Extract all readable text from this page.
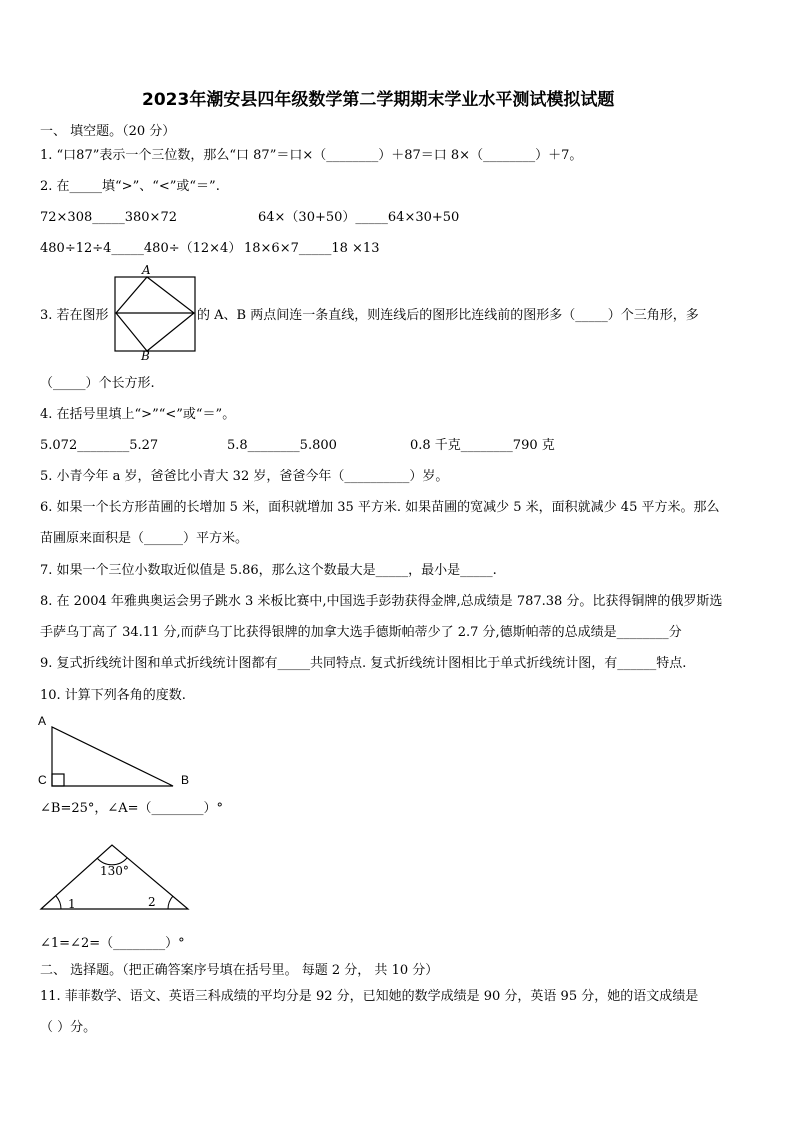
2023年潮安县四年级数学第二学期期末学业水平测试模拟试题
一、 填空题。（20 分）
1. “口87”表示一个三位数，那么“口 87”＝口×（________）＋87＝口 8×（________）＋7。
2. 在_____填“>”、“<”或“＝”.
72×308_____380×72	64×（30+50）_____64×30+50
480÷12÷4_____480÷（12×4） 18×6×7_____18 ×13
A
B
3. 若在图形	的 A、B 两点间连一条直线，则连线后的图形比连线前的图形多（_____）个三角形，多
（_____）个长方形.
4. 在括号里填上“>”“<”或“＝”。
5.072________5.27	5.8________5.800	0.8 千克________790 克
5. 小青今年 a 岁，爸爸比小青大 32 岁，爸爸今年（__________）岁。
6. 如果一个长方形苗圃的长增加 5 米，面积就增加 35 平方米. 如果苗圃的宽减少 5 米，面积就减少 45 平方米。那么
苗圃原来面积是（______）平方米。
7. 如果一个三位小数取近似值是 5.86，那么这个数最大是_____，最小是_____.
8. 在 2004 年雅典奥运会男子跳水 3 米板比赛中,中国选手彭勃获得金牌,总成绩是 787.38 分。比获得铜牌的俄罗斯选
手萨乌丁高了 34.11 分,而萨乌丁比获得银牌的加拿大选手德斯帕蒂少了 2.7 分,德斯帕蒂的总成绩是________分
9. 复式折线统计图和单式折线统计图都有_____共同特点. 复式折线统计图相比于单式折线统计图，有______特点.
10. 计算下列各角的度数.
A
C	B
∠B=25°，∠A=（________）°
130°
1	2
∠1=∠2=（________）°
二、 选择题。（把正确答案序号填在括号里。 每题 2 分， 共 10 分）
11. 菲菲数学、语文、英语三科成绩的平均分是 92 分，已知她的数学成绩是 90 分，英语 95 分，她的语文成绩是
（ ）分。
